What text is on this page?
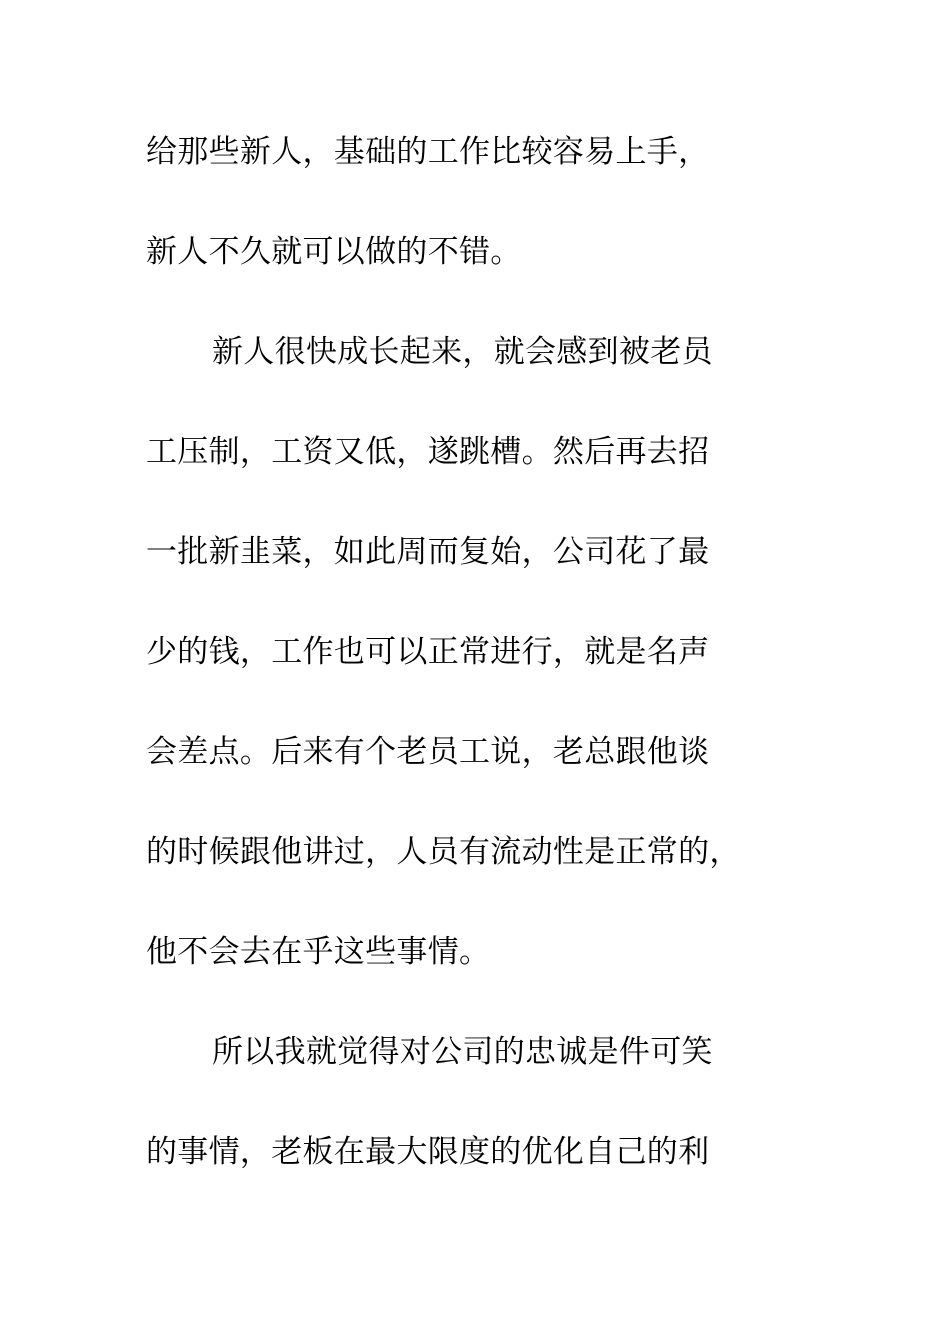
给那些新人，基础的工作比较容易上手，
新人不久就可以做的不错。
新人很快成长起来，就会感到被老员
工压制，工资又低，遂跳槽。然后再去招
一批新韭菜，如此周而复始，公司花了最
少的钱，工作也可以正常进行，就是名声
会差点。后来有个老员工说，老总跟他谈
的时候跟他讲过，人员有流动性是正常的，
他不会去在乎这些事情。
所以我就觉得对公司的忠诚是件可笑
的事情，老板在最大限度的优化自己的利
